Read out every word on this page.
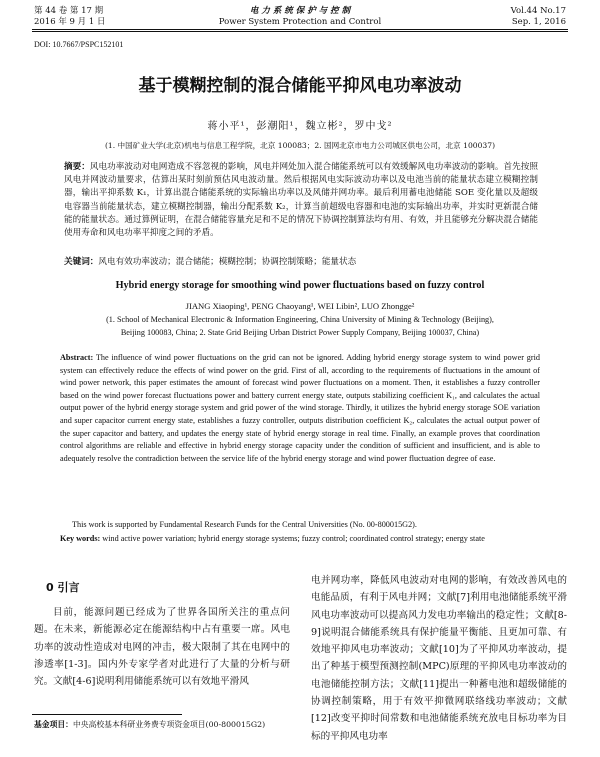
第 44 卷 第 17 期
2016 年 9 月 1 日
电 力 系 统 保 护 与 控 制
Power System Protection and Control
Vol.44 No.17
Sep. 1, 2016
DOI: 10.7667/PSPC152101
基于模糊控制的混合储能平抑风电功率波动
蒋小平¹，彭潮阳¹，魏立彬²，罗中戈²
(1. 中国矿业大学(北京)机电与信息工程学院，北京 100083；2. 国网北京市电力公司城区供电公司，北京 100037)
摘要：风电功率波动对电网造成不容忽视的影响，风电并网处加入混合储能系统可以有效缓解风电功率波动的影响。首先按照风电并网波动量要求，估算出某时刻前预估风电波动量。然后根据风电实际波动功率以及电池当前的能量状态建立模糊控制器，输出平抑系数 K₁，计算出混合储能系统的实际输出功率以及风储并网功率。最后利用蓄电池储能 SOE 变化量以及超级电容器当前能量状态，建立模糊控制器，输出分配系数 K₂，计算当前超级电容器和电池的实际输出功率，并实时更新混合储能的能量状态。通过算例证明，在混合储能容量充足和不足的情况下协调控制算法均有用、有效，并且能够充分解决混合储能使用寿命和风电功率平抑度之间的矛盾。
关键词：风电有效功率波动；混合储能；模糊控制；协调控制策略；能量状态
Hybrid energy storage for smoothing wind power fluctuations based on fuzzy control
JIANG Xiaoping¹, PENG Chaoyang¹, WEI Libin², LUO Zhongge²
(1. School of Mechanical Electronic & Information Engineering, China University of Mining & Technology (Beijing),
Beijing 100083, China; 2. State Grid Beijing Urban District Power Supply Company, Beijing 100037, China)
Abstract: The influence of wind power fluctuations on the grid can not be ignored. Adding hybrid energy storage system to wind power grid system can effectively reduce the effects of wind power on the grid. First of all, according to the requirements of fluctuations in the amount of wind power network, this paper estimates the amount of forecast wind power fluctuations on a moment. Then, it establishes a fuzzy controller based on the wind power forecast fluctuations power and battery current energy state, outputs stabilizing coefficient K₁, and calculates the actual output power of the hybrid energy storage system and grid power of the wind storage. Thirdly, it utilizes the hybrid energy storage SOE variation and super capacitor current energy state, establishes a fuzzy controller, outputs distribution coefficient K₂, calculates the actual output power of the super capacitor and battery, and updates the energy state of hybrid energy storage in real time. Finally, an example proves that coordination control algorithms are reliable and effective in hybrid energy storage capacity under the condition of sufficient and insufficient, and is able to adequately resolve the contradiction between the service life of the hybrid energy storage and wind power fluctuation degree of ease.
This work is supported by Fundamental Research Funds for the Central Universities (No. 00-800015G2).
Key words: wind active power variation; hybrid energy storage systems; fuzzy control; coordinated control strategy; energy state
0 引言
目前，能源问题已经成为了世界各国所关注的重点问题。在未来，新能源必定在能源结构中占有重要一席。风电功率的波动性造成对电网的冲击，极大限制了其在电网中的渗透率[1-3]。国内外专家学者对此进行了大量的分析与研究。文献[4-6]说明利用储能系统可以有效地平滑风
电并网功率，降低风电波动对电网的影响，有效改善风电的电能品质，有利于风电并网；文献[7]利用电池储能系统平滑风电功率波动可以提高风力发电功率输出的稳定性；文献[8-9]说明混合储能系统具有保护能量平衡能、且更加可靠、有效地平抑风电功率波动；文献[10]为了平抑风功率波动，提出了种基于模型预测控制(MPC)原理的平抑风电功率波动的电池储能控制方法；文献[11]提出一种蓄电池和超级储能的协调控制策略，用于有效平抑微网联络线功率波动；文献[12]改变平抑时间常数和电池储能系统充放电目标功率为目标的平抑风电功率
基金项目：中央高校基本科研业务费专项资金项目(00-800015G2)
